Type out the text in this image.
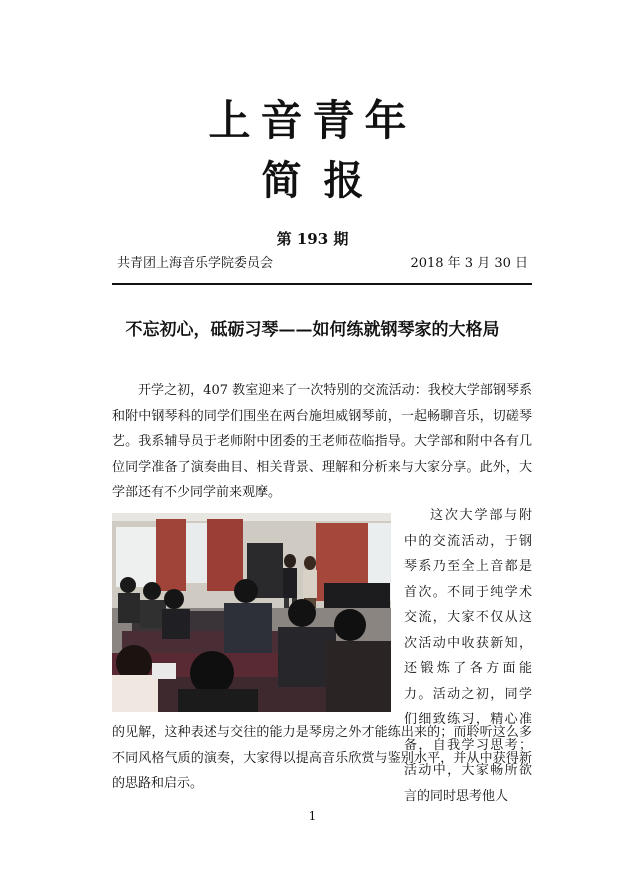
上音青年
简报
第 193 期
共青团上海音乐学院委员会	2018 年 3 月 30 日
不忘初心，砥砺习琴——如何练就钢琴家的大格局
开学之初，407 教室迎来了一次特别的交流活动：我校大学部钢琴系和附中钢琴科的同学们围坐在两台施坦威钢琴前，一起畅聊音乐，切磋琴艺。我系辅导员于老师附中团委的王老师莅临指导。大学部和附中各有几位同学准备了演奏曲目、相关背景、理解和分析来与大家分享。此外，大学部还有不少同学前来观摩。
这次大学部与附中的交流活动，于钢琴系乃至全上音都是首次。不同于纯学术交流，大家不仅从这次活动中收获新知，还锻炼了各方面能力。活动之初，同学们细致练习，精心准备，自我学习思考；活动中，大家畅所欲言的同时思考他人
的见解，这种表述与交往的能力是琴房之外才能练出来的；而聆听这么多不同风格气质的演奏，大家得以提高音乐欣赏与鉴别水平，并从中获得新的思路和启示。
1
